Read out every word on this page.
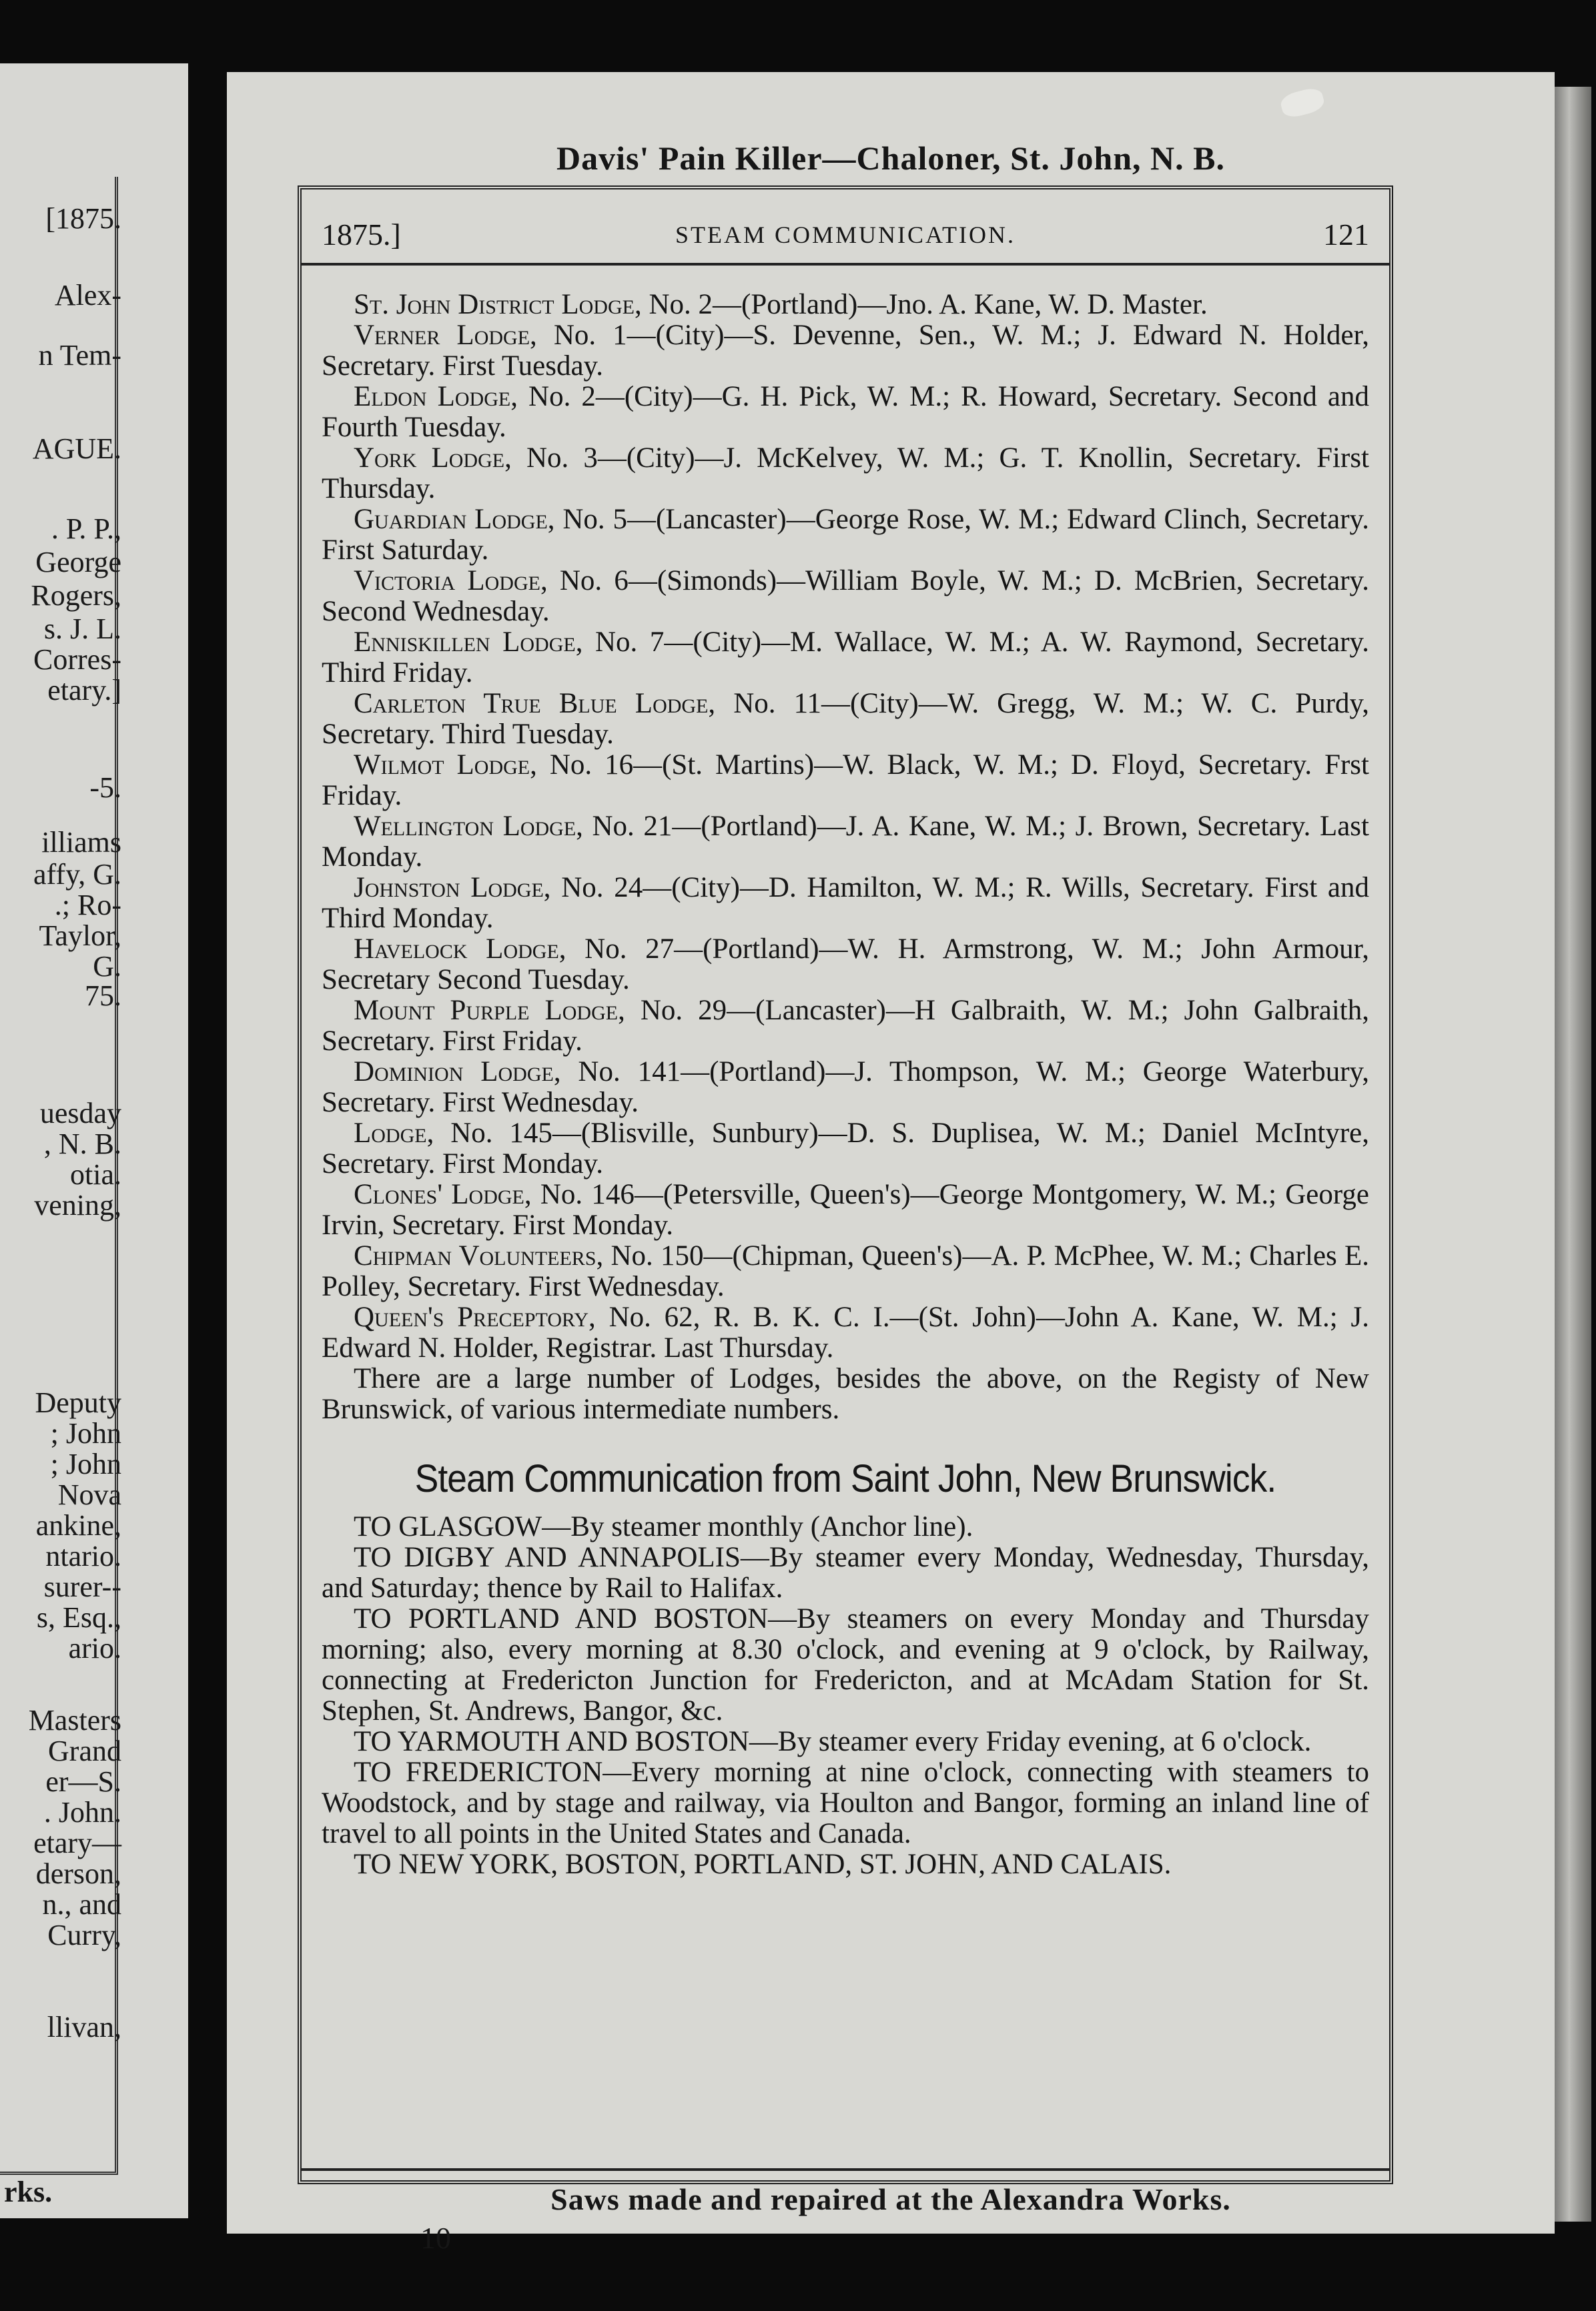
[1875.
Alex-
n Tem-
AGUE.
. P. P.,
George
Rogers,
s. J. L.
Corres-
etary.]
-5.
illiams
affy, G.
.; Ro-
Taylor,
G.
75.
uesday
, N. B.
otia.
vening,
Deputy
; John
; John
Nova
ankine,
ntario.
surer--
s, Esq.,
ario.
Masters
Grand
er—S.
. John.
etary—
derson,
n., and
Curry,
llivan,
rks.
Davis' Pain Killer—Chaloner, St. John, N. B.
1875.]	STEAM COMMUNICATION.	121

St. John District Lodge, No. 2—(Portland)—Jno. A. Kane, W. D. Master.

Verner Lodge, No. 1—(City)—S. Devenne, Sen., W. M.; J. Edward N. Holder, Secretary. First Tuesday.

Eldon Lodge, No. 2—(City)—G. H. Pick, W. M.; R. Howard, Secretary. Second and Fourth Tuesday.

York Lodge, No. 3—(City)—J. McKelvey, W. M.; G. T. Knollin, Secretary. First Thursday.

Guardian Lodge, No. 5—(Lancaster)—George Rose, W. M.; Edward Clinch, Secretary. First Saturday.

Victoria Lodge, No. 6—(Simonds)—William Boyle, W. M.; D. McBrien, Secretary. Second Wednesday.

Enniskillen Lodge, No. 7—(City)—M. Wallace, W. M.; A. W. Raymond, Secretary. Third Friday.

Carleton True Blue Lodge, No. 11—(City)—W. Gregg, W. M.; W. C. Purdy, Secretary. Third Tuesday.

Wilmot Lodge, No. 16—(St. Martins)—W. Black, W. M.; D. Floyd, Secretary. Frst Friday.

Wellington Lodge, No. 21—(Portland)—J. A. Kane, W. M.; J. Brown, Secretary. Last Monday.

Johnston Lodge, No. 24—(City)—D. Hamilton, W. M.; R. Wills, Secretary. First and Third Monday.

Havelock Lodge, No. 27—(Portland)—W. H. Armstrong, W. M.; John Armour, Secretary Second Tuesday.

Mount Purple Lodge, No. 29—(Lancaster)—H Galbraith, W. M.; John Galbraith, Secretary. First Friday.

Dominion Lodge, No. 141—(Portland)—J. Thompson, W. M.; George Waterbury, Secretary. First Wednesday.

Lodge, No. 145—(Blisville, Sunbury)—D. S. Duplisea, W. M.; Daniel McIntyre, Secretary. First Monday.

Clones' Lodge, No. 146—(Petersville, Queen's)—George Montgomery, W. M.; George Irvin, Secretary. First Monday.

Chipman Volunteers, No. 150—(Chipman, Queen's)—A. P. McPhee, W. M.; Charles E. Polley, Secretary. First Wednesday.

Queen's Preceptory, No. 62, R. B. K. C. I.—(St. John)—John A. Kane, W. M.; J. Edward N. Holder, Registrar. Last Thursday.

There are a large number of Lodges, besides the above, on the Registy of New Brunswick, of various intermediate numbers.

Steam Communication from Saint John, New Brunswick.

TO GLASGOW—By steamer monthly (Anchor line).

TO DIGBY AND ANNAPOLIS—By steamer every Monday, Wednesday, Thursday, and Saturday; thence by Rail to Halifax.

TO PORTLAND AND BOSTON—By steamers on every Monday and Thursday morning; also, every morning at 8.30 o'clock, and evening at 9 o'clock, by Railway, connecting at Fredericton Junction for Fredericton, and at McAdam Station for St. Stephen, St. Andrews, Bangor, &c.

TO YARMOUTH AND BOSTON—By steamer every Friday evening, at 6 o'clock.

TO FREDERICTON—Every morning at nine o'clock, connecting with steamers to Woodstock, and by stage and railway, via Houlton and Bangor, forming an inland line of travel to all points in the United States and Canada.

TO NEW YORK, BOSTON, PORTLAND, ST. JOHN, AND CALAIS.

Saws made and repaired at the Alexandra Works.
10
